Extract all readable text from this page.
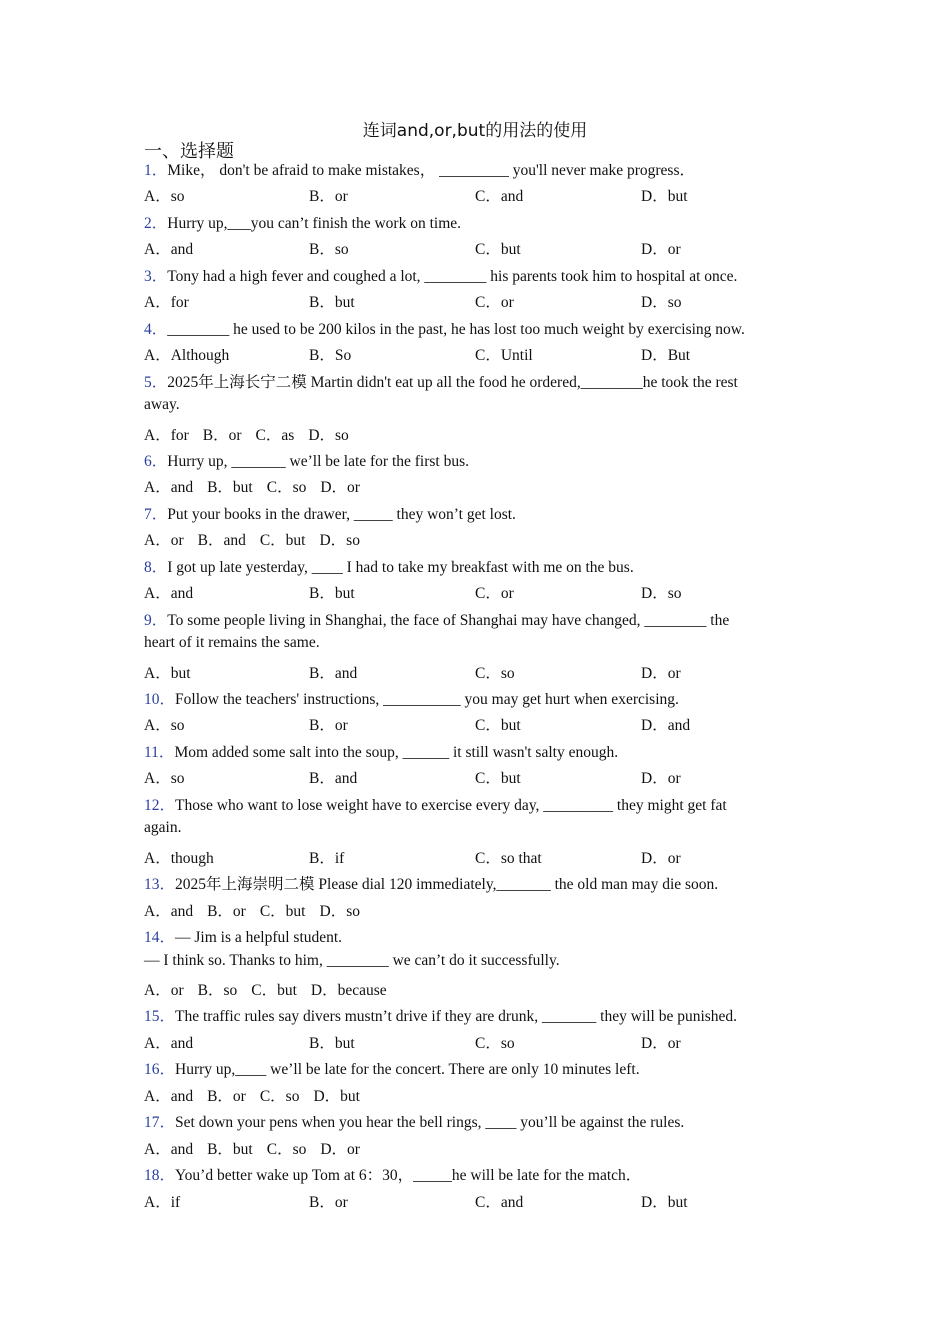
连词and,or,but的用法的使用
一、选择题
1．Mike， don't be afraid to make mistakes， _________ you'll never make progress．
A．so	B．or	C．and	D．but
2．Hurry up,___you can’t finish the work on time.
A．and	B．so	C．but	D．or
3．Tony had a high fever and coughed a lot, ________ his parents took him to hospital at once.
A．for	B．but	C．or	D．so
4．________ he used to be 200 kilos in the past, he has lost too much weight by exercising now.
A．Although	B．So	C．Until	D．But
5．2025年上海长宁二模 Martin didn't eat up all the food he ordered,________he took the rest
away.
A．for B．or C．as D．so
6．Hurry up, _______ we’ll be late for the first bus.
A．and B．but C．so D．or
7．Put your books in the drawer, _____ they won’t get lost.
A．or B．and C．but D．so
8．I got up late yesterday, ____ I had to take my breakfast with me on the bus.
A．and	B．but	C．or	D．so
9．To some people living in Shanghai, the face of Shanghai may have changed, ________ the
heart of it remains the same.
A．but	B．and	C．so	D．or
10．Follow the teachers' instructions, __________ you may get hurt when exercising.
A．so	B．or	C．but	D．and
11．Mom added some salt into the soup, ______ it still wasn't salty enough.
A．so	B．and	C．but	D．or
12．Those who want to lose weight have to exercise every day, _________ they might get fat
again.
A．though	B．if	C．so that	D．or
13．2025年上海崇明二模 Please dial 120 immediately,_______ the old man may die soon.
A．and B．or C．but D．so
14．— Jim is a helpful student.
— I think so. Thanks to him, ________ we can’t do it successfully.
A．or B．so C．but D．because
15．The traffic rules say divers mustn’t drive if they are drunk, _______ they will be punished.
A．and	B．but	C．so	D．or
16．Hurry up,____ we’ll be late for the concert. There are only 10 minutes left.
A．and B．or C．so D．but
17．Set down your pens when you hear the bell rings, ____ you’ll be against the rules.
A．and B．but C．so D．or
18．You’d better wake up Tom at 6：30，_____he will be late for the match．
A．if	B．or	C．and	D．but
